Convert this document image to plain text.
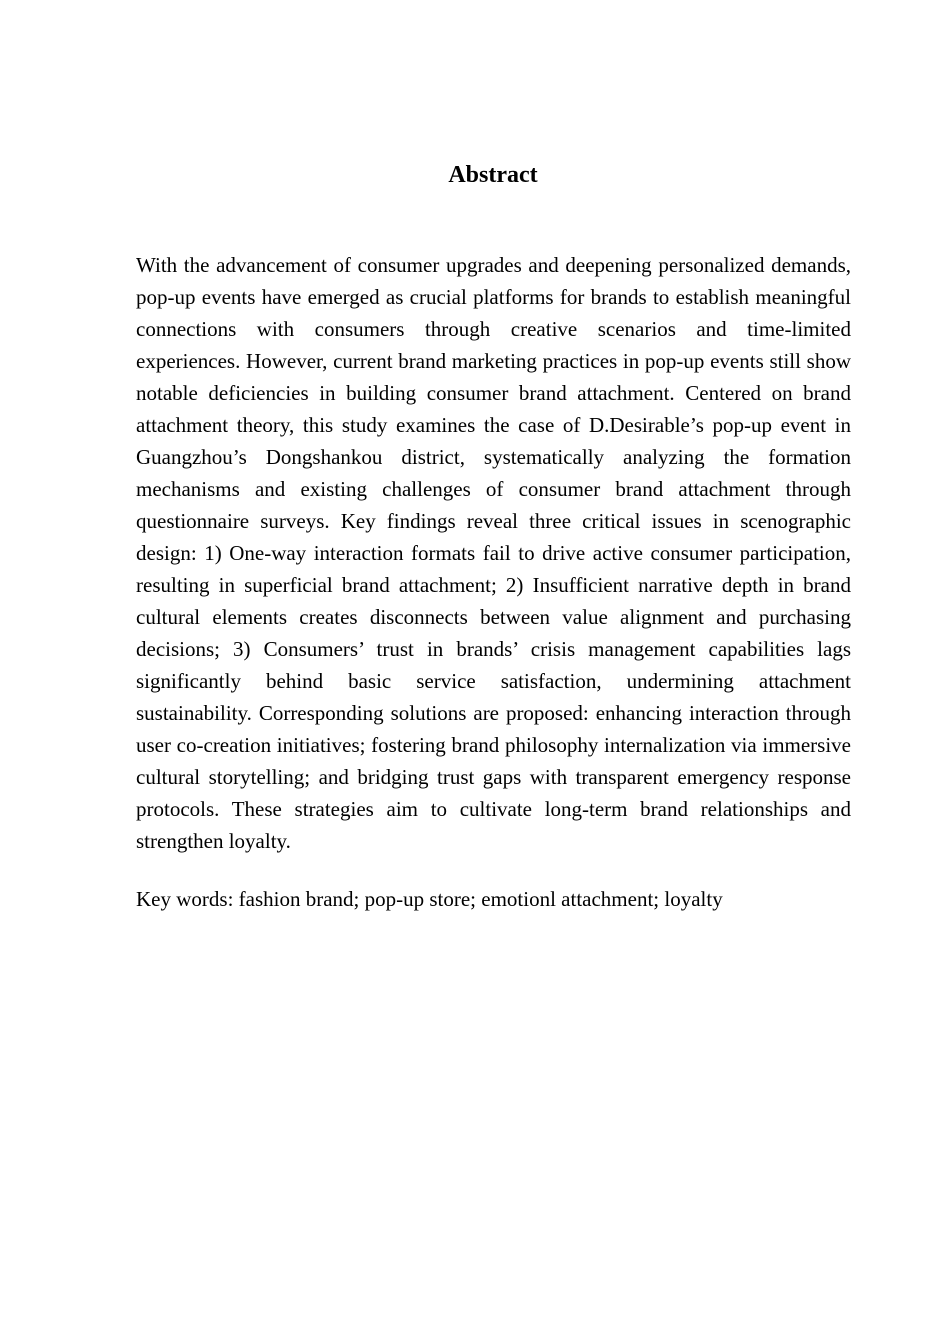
Abstract

With the advancement of consumer upgrades and deepening personalized demands, pop-up events have emerged as crucial platforms for brands to establish meaningful connections with consumers through creative scenarios and time-limited experiences. However, current brand marketing practices in pop-up events still show notable deficiencies in building consumer brand attachment. Centered on brand attachment theory, this study examines the case of D.Desirable’s pop-up event in Guangzhou’s Dongshankou district, systematically analyzing the formation mechanisms and existing challenges of consumer brand attachment through questionnaire surveys. Key findings reveal three critical issues in scenographic design: 1) One-way interaction formats fail to drive active consumer participation, resulting in superficial brand attachment; 2) Insufficient narrative depth in brand cultural elements creates disconnects between value alignment and purchasing decisions; 3) Consumers’ trust in brands’ crisis management capabilities lags significantly behind basic service satisfaction, undermining attachment sustainability. Corresponding solutions are proposed: enhancing interaction through user co-creation initiatives; fostering brand philosophy internalization via immersive cultural storytelling; and bridging trust gaps with transparent emergency response protocols. These strategies aim to cultivate long-term brand relationships and strengthen loyalty.

Key words: fashion brand; pop-up store; emotionl attachment; loyalty
